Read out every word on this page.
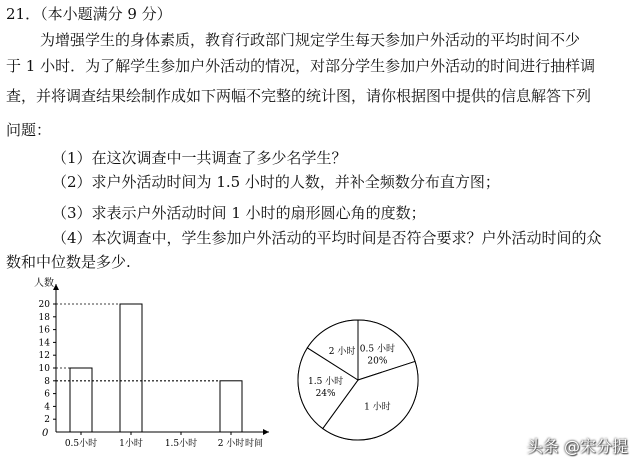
21．（本小题满分 9 分）
为增强学生的身体素质，教育行政部门规定学生每天参加户外活动的平均时间不少
于 1 小时．为了解学生参加户外活动的情况，对部分学生参加户外活动的时间进行抽样调
查，并将调查结果绘制作成如下两幅不完整的统计图，请你根据图中提供的信息解答下列
问题：
（1）在这次调查中一共调查了多少名学生？
（2）求户外活动时间为 1.5 小时的人数，并补全频数分布直方图；
（3）求表示户外活动时间 1 小时的扇形圆心角的度数；
（4）本次调查中，学生参加户外活动的平均时间是否符合要求？户外活动时间的众
数和中位数是多少.
人数
0
2
4
6
8
10
12
14
16
18
20
0.5小时 1小时 1.5小时 2 小时 时间
0.5 小时
20%
1 小时
1.5 小时
24%
2 小时
头条 @宋分提
